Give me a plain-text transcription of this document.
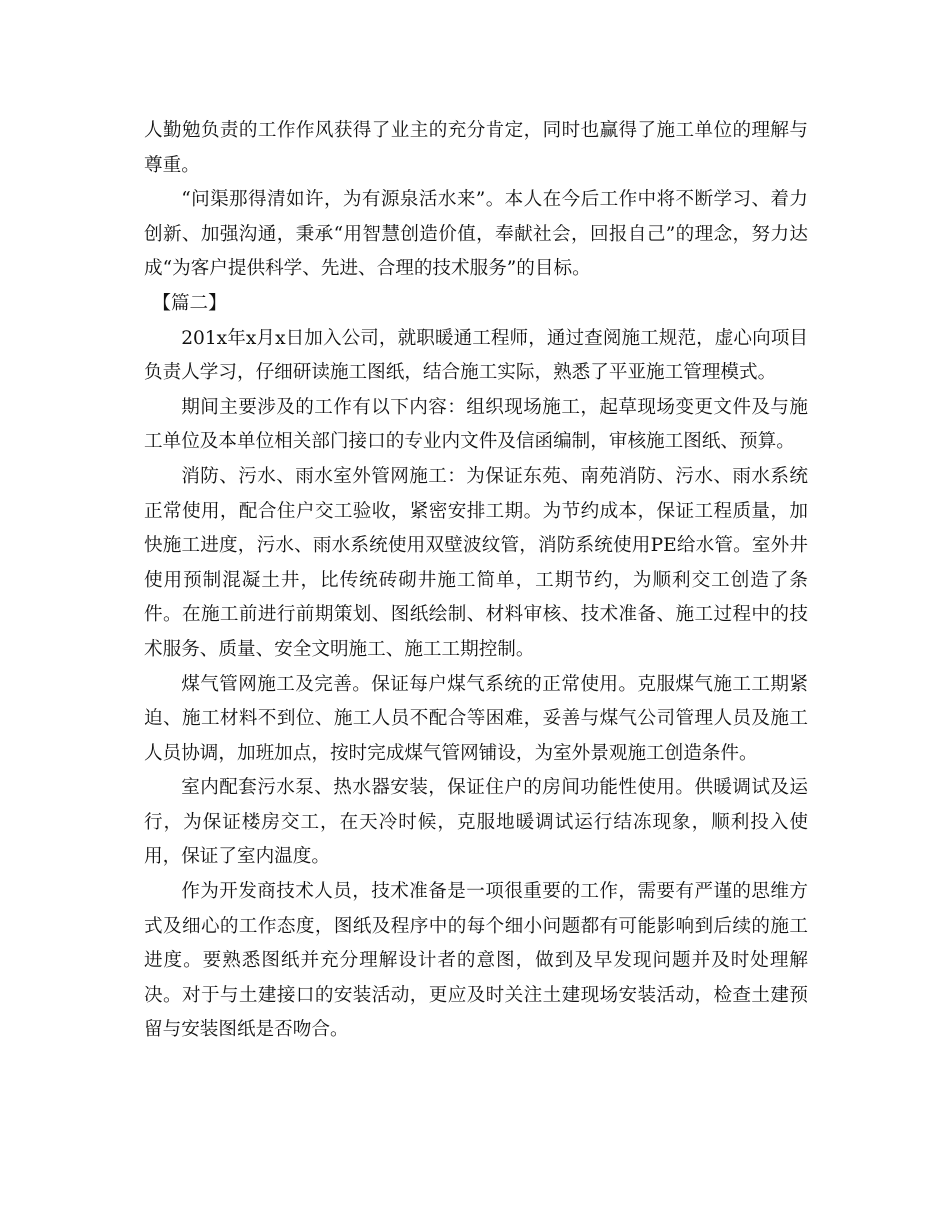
人勤勉负责的工作作风获得了业主的充分肯定，同时也赢得了施工单位的理解与尊重。

“问渠那得清如许，为有源泉活水来”。本人在今后工作中将不断学习、着力创新、加强沟通，秉承“用智慧创造价值，奉献社会，回报自己”的理念，努力达成“为客户提供科学、先进、合理的技术服务”的目标。

【篇二】

201x年x月x日加入公司，就职暖通工程师，通过查阅施工规范，虚心向项目负责人学习，仔细研读施工图纸，结合施工实际，熟悉了平亚施工管理模式。

期间主要涉及的工作有以下内容：组织现场施工，起草现场变更文件及与施工单位及本单位相关部门接口的专业内文件及信函编制，审核施工图纸、预算。

消防、污水、雨水室外管网施工：为保证东苑、南苑消防、污水、雨水系统正常使用，配合住户交工验收，紧密安排工期。为节约成本，保证工程质量，加快施工进度，污水、雨水系统使用双壁波纹管，消防系统使用PE给水管。室外井使用预制混凝土井，比传统砖砌井施工简单，工期节约，为顺利交工创造了条件。在施工前进行前期策划、图纸绘制、材料审核、技术准备、施工过程中的技术服务、质量、安全文明施工、施工工期控制。

煤气管网施工及完善。保证每户煤气系统的正常使用。克服煤气施工工期紧迫、施工材料不到位、施工人员不配合等困难，妥善与煤气公司管理人员及施工人员协调，加班加点，按时完成煤气管网铺设，为室外景观施工创造条件。

室内配套污水泵、热水器安装，保证住户的房间功能性使用。供暖调试及运行，为保证楼房交工，在天冷时候，克服地暖调试运行结冻现象，顺利投入使用，保证了室内温度。

作为开发商技术人员，技术准备是一项很重要的工作，需要有严谨的思维方式及细心的工作态度，图纸及程序中的每个细小问题都有可能影响到后续的施工进度。要熟悉图纸并充分理解设计者的意图，做到及早发现问题并及时处理解决。对于与土建接口的安装活动，更应及时关注土建现场安装活动，检查土建预留与安装图纸是否吻合。
